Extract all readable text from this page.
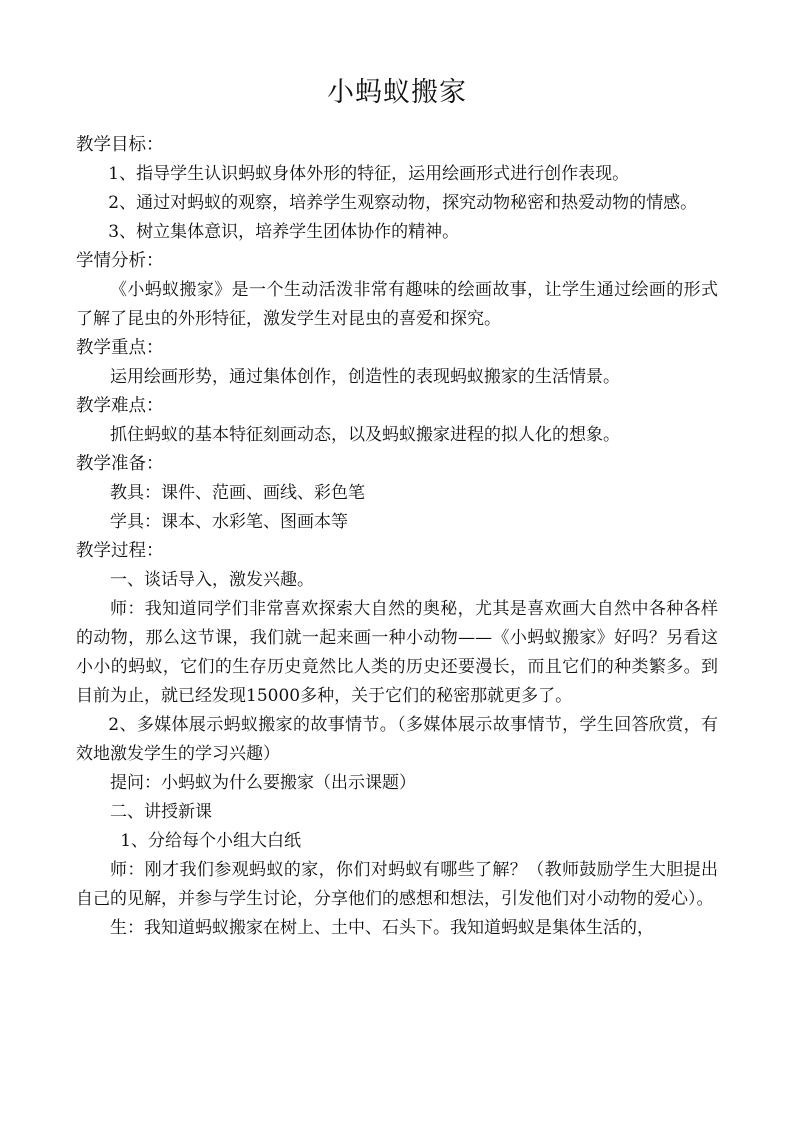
小蚂蚁搬家

教学目标：

1、指导学生认识蚂蚁身体外形的特征，运用绘画形式进行创作表现。

2、通过对蚂蚁的观察，培养学生观察动物，探究动物秘密和热爱动物的情感。

3、树立集体意识，培养学生团体协作的精神。

学情分析：

《小蚂蚁搬家》是一个生动活泼非常有趣味的绘画故事，让学生通过绘画的形式了解了昆虫的外形特征，激发学生对昆虫的喜爱和探究。

教学重点：

运用绘画形势，通过集体创作，创造性的表现蚂蚁搬家的生活情景。

教学难点：

抓住蚂蚁的基本特征刻画动态，以及蚂蚁搬家进程的拟人化的想象。

教学准备：

教具：课件、范画、画线、彩色笔

学具：课本、水彩笔、图画本等

教学过程：

一、谈话导入，激发兴趣。

师：我知道同学们非常喜欢探索大自然的奥秘，尤其是喜欢画大自然中各种各样的动物，那么这节课，我们就一起来画一种小动物——《小蚂蚁搬家》好吗？另看这小小的蚂蚁，它们的生存历史竟然比人类的历史还要漫长，而且它们的种类繁多。到目前为止，就已经发现15000多种，关于它们的秘密那就更多了。

2、多媒体展示蚂蚁搬家的故事情节。（多媒体展示故事情节，学生回答欣赏，有效地激发学生的学习兴趣）

提问：小蚂蚁为什么要搬家（出示课题）

二、讲授新课

1、分给每个小组大白纸

师：刚才我们参观蚂蚁的家，你们对蚂蚁有哪些了解？（教师鼓励学生大胆提出自己的见解，并参与学生讨论，分享他们的感想和想法，引发他们对小动物的爱心）。

生：我知道蚂蚁搬家在树上、土中、石头下。我知道蚂蚁是集体生活的，
